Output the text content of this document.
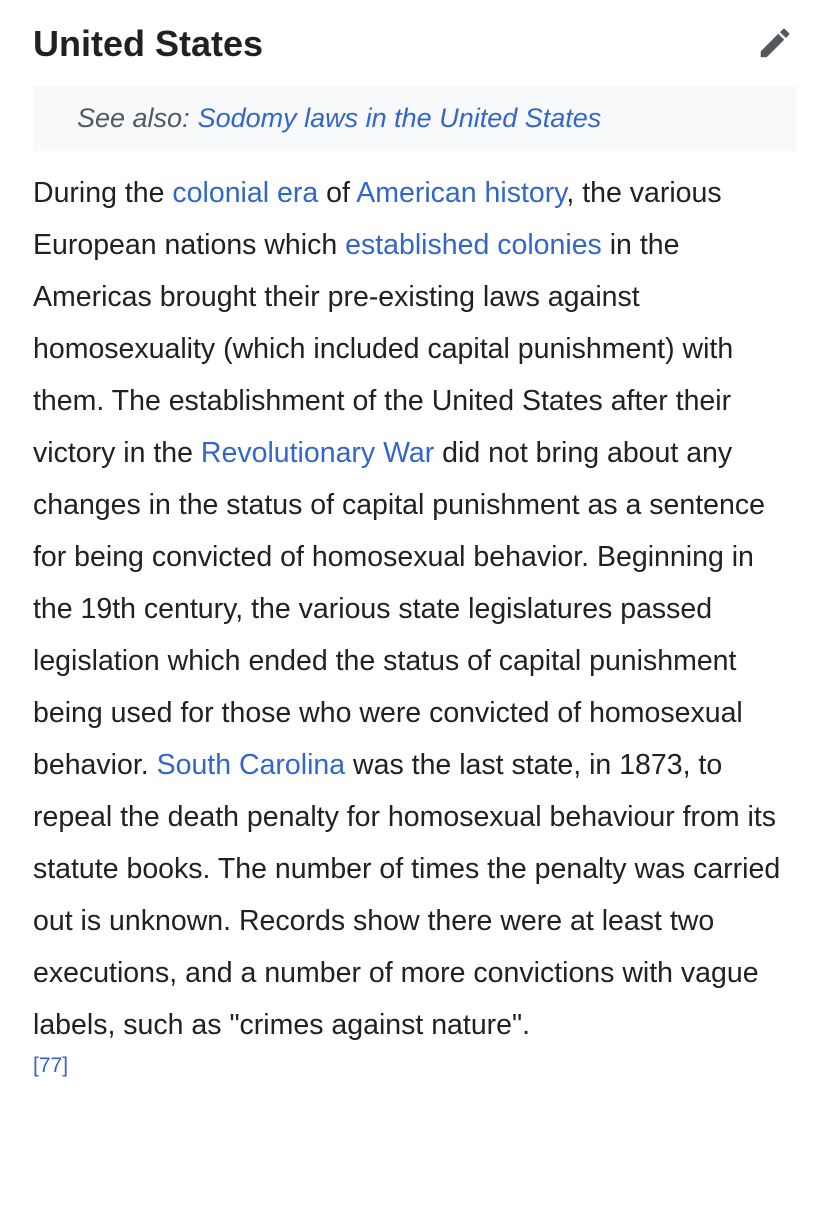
United States
See also: Sodomy laws in the United States

During the colonial era of American history, the various European nations which established colonies in the Americas brought their pre-existing laws against homosexuality (which included capital punishment) with them. The establishment of the United States after their victory in the Revolutionary War did not bring about any changes in the status of capital punishment as a sentence for being convicted of homosexual behavior. Beginning in the 19th century, the various state legislatures passed legislation which ended the status of capital punishment being used for those who were convicted of homosexual behavior. South Carolina was the last state, in 1873, to repeal the death penalty for homosexual behaviour from its statute books. The number of times the penalty was carried out is unknown. Records show there were at least two executions, and a number of more convictions with vague labels, such as "crimes against nature".
[77]
